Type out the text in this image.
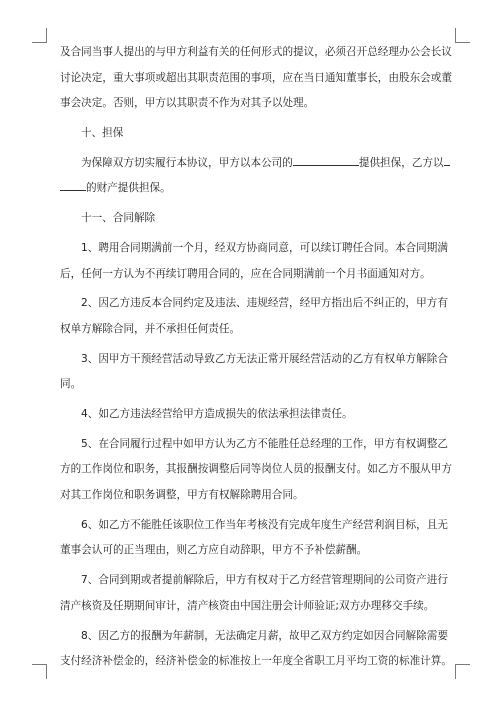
及合同当事人提出的与甲方利益有关的任何形式的提议，必须召开总经理办公会长议
讨论决定，重大事项或超出其职责范围的事项，应在当日通知董事长，由股东会或董
事会决定。否则，甲方以其职责不作为对其予以处理。
十、担保
为保障双方切实履行本协议，甲方以本公司的	提供担保，乙方以
的财产提供担保。
十一、合同解除
1、聘用合同期满前一个月，经双方协商同意，可以续订聘任合同。本合同期满
后，任何一方认为不再续订聘用合同的，应在合同期满前一个月书面通知对方。
2、因乙方违反本合同约定及违法、违规经营，经甲方指出后不纠正的，甲方有
权单方解除合同，并不承担任何责任。
3、因甲方干预经营活动导致乙方无法正常开展经营活动的乙方有权单方解除合
同。
4、如乙方违法经营给甲方造成损失的依法承担法律责任。
5、在合同履行过程中如甲方认为乙方不能胜任总经理的工作，甲方有权调整乙
方的工作岗位和职务，其报酬按调整后同等岗位人员的报酬支付。如乙方不服从甲方
对其工作岗位和职务调整，甲方有权解除聘用合同。
6、如乙方不能胜任该职位工作当年考核没有完成年度生产经营利润目标，且无
董事会认可的正当理由，则乙方应自动辞职，甲方不予补偿薪酬。
7、合同到期或者提前解除后，甲方有权对于乙方经营管理期间的公司资产进行
清产核资及任期期间审计，清产核资由中国注册会计师验证;双方办理移交手续。
8、因乙方的报酬为年薪制，无法确定月薪，故甲乙双方约定如因合同解除需要
支付经济补偿金的，经济补偿金的标准按上一年度全省职工月平均工资的标准计算。
